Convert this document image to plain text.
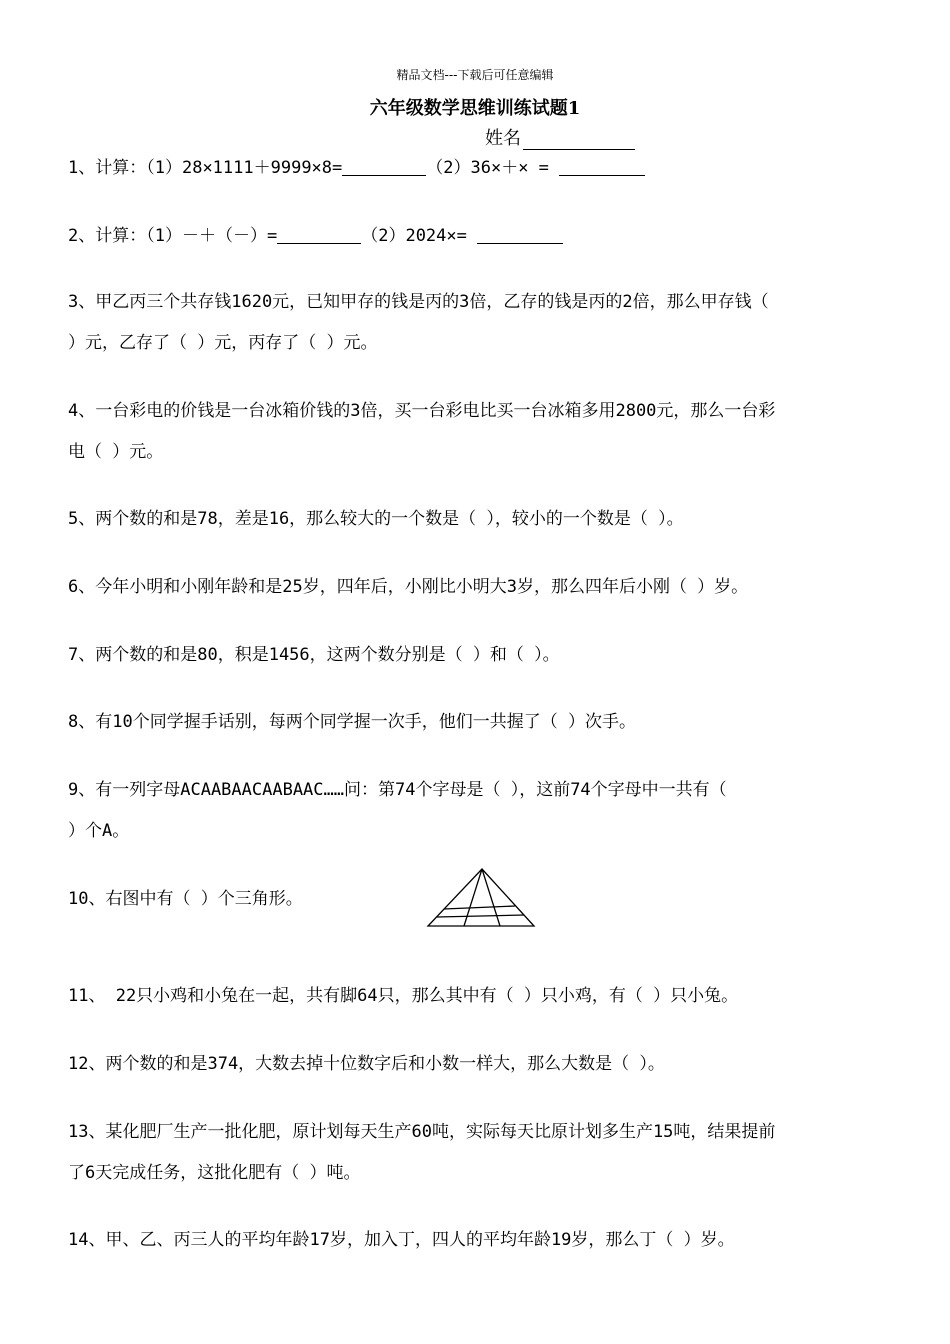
精品文档---下载后可任意编辑
六年级数学思维训练试题1
姓名
1、计算：（1）28×1111＋9999×8=	（2）36×＋× =
2、计算：（1）－＋（－）=	（2）2024×=
3、甲乙丙三个共存钱1620元，已知甲存的钱是丙的3倍，乙存的钱是丙的2倍，那么甲存钱（
）元，乙存了（ ）元，丙存了（ ）元。
4、一台彩电的价钱是一台冰箱价钱的3倍，买一台彩电比买一台冰箱多用2800元，那么一台彩
电（ ）元。
5、两个数的和是78，差是16，那么较大的一个数是（ ），较小的一个数是（ ）。
6、今年小明和小刚年龄和是25岁，四年后，小刚比小明大3岁，那么四年后小刚（ ）岁。
7、两个数的和是80，积是1456，这两个数分别是（ ）和（ ）。
8、有10个同学握手话别，每两个同学握一次手，他们一共握了（ ）次手。
9、有一列字母ACAABAACAABAAC……问：第74个字母是（ ），这前74个字母中一共有（
）个A。
10、右图中有（ ）个三角形。
11、 22只小鸡和小兔在一起，共有脚64只，那么其中有（ ）只小鸡，有（ ）只小兔。
12、两个数的和是374，大数去掉十位数字后和小数一样大，那么大数是（ ）。
13、某化肥厂生产一批化肥，原计划每天生产60吨，实际每天比原计划多生产15吨，结果提前
了6天完成任务，这批化肥有（ ）吨。
14、甲、乙、丙三人的平均年龄17岁，加入丁，四人的平均年龄19岁，那么丁（ ）岁。
